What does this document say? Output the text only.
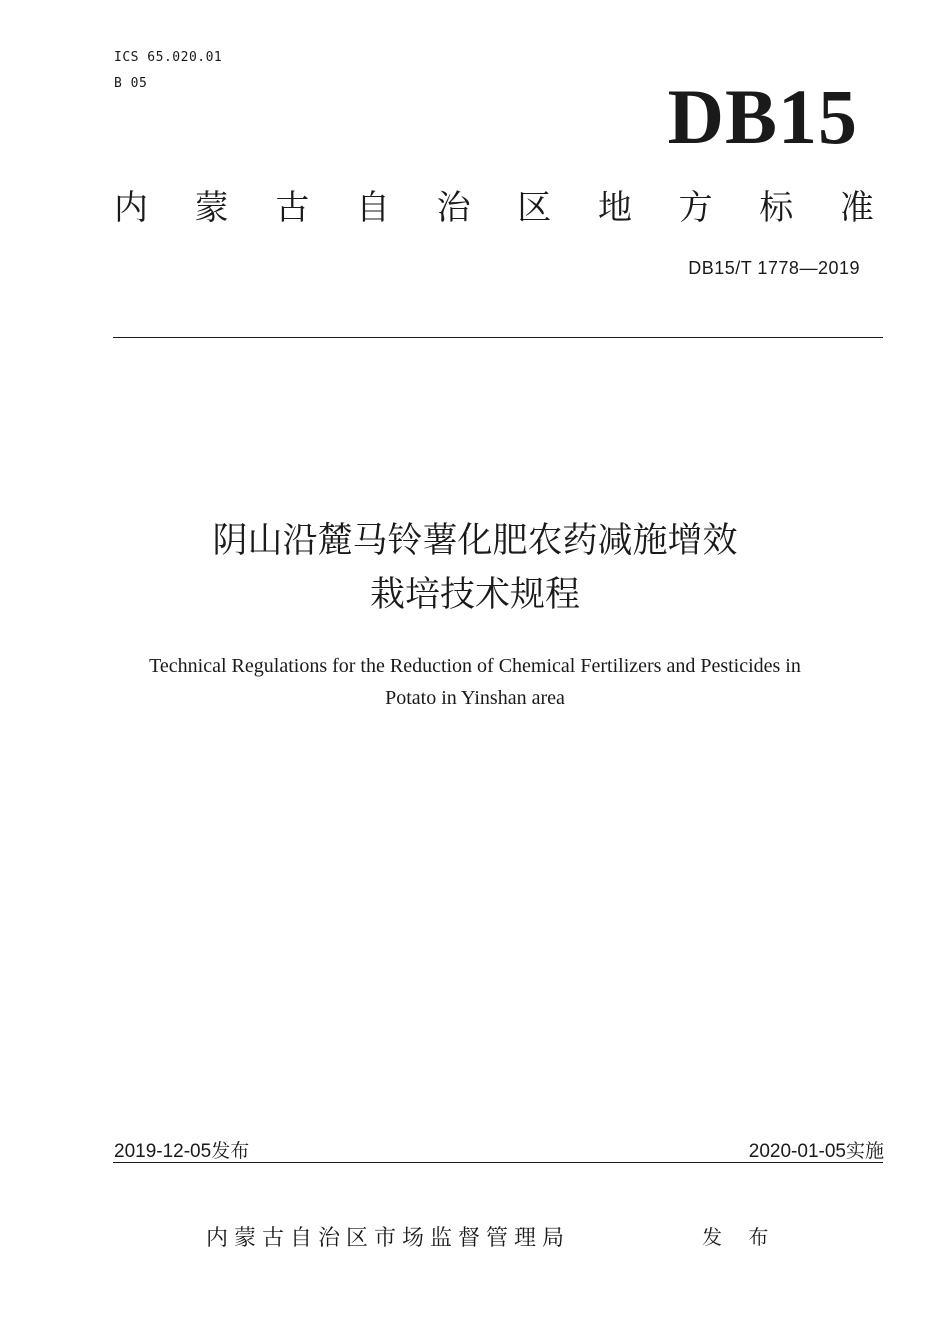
ICS 65.020.01
B 05	DB15
内 蒙 古 自 治 区 地 方 标 准
DB15/T 1778—2019
阴山沿麓马铃薯化肥农药减施增效
栽培技术规程
Technical Regulations for the Reduction of Chemical Fertilizers and Pesticides in
Potato in Yinshan area
2019-12-05发布	2020-01-05实施
内蒙古自治区市场监督管理局	发 布
